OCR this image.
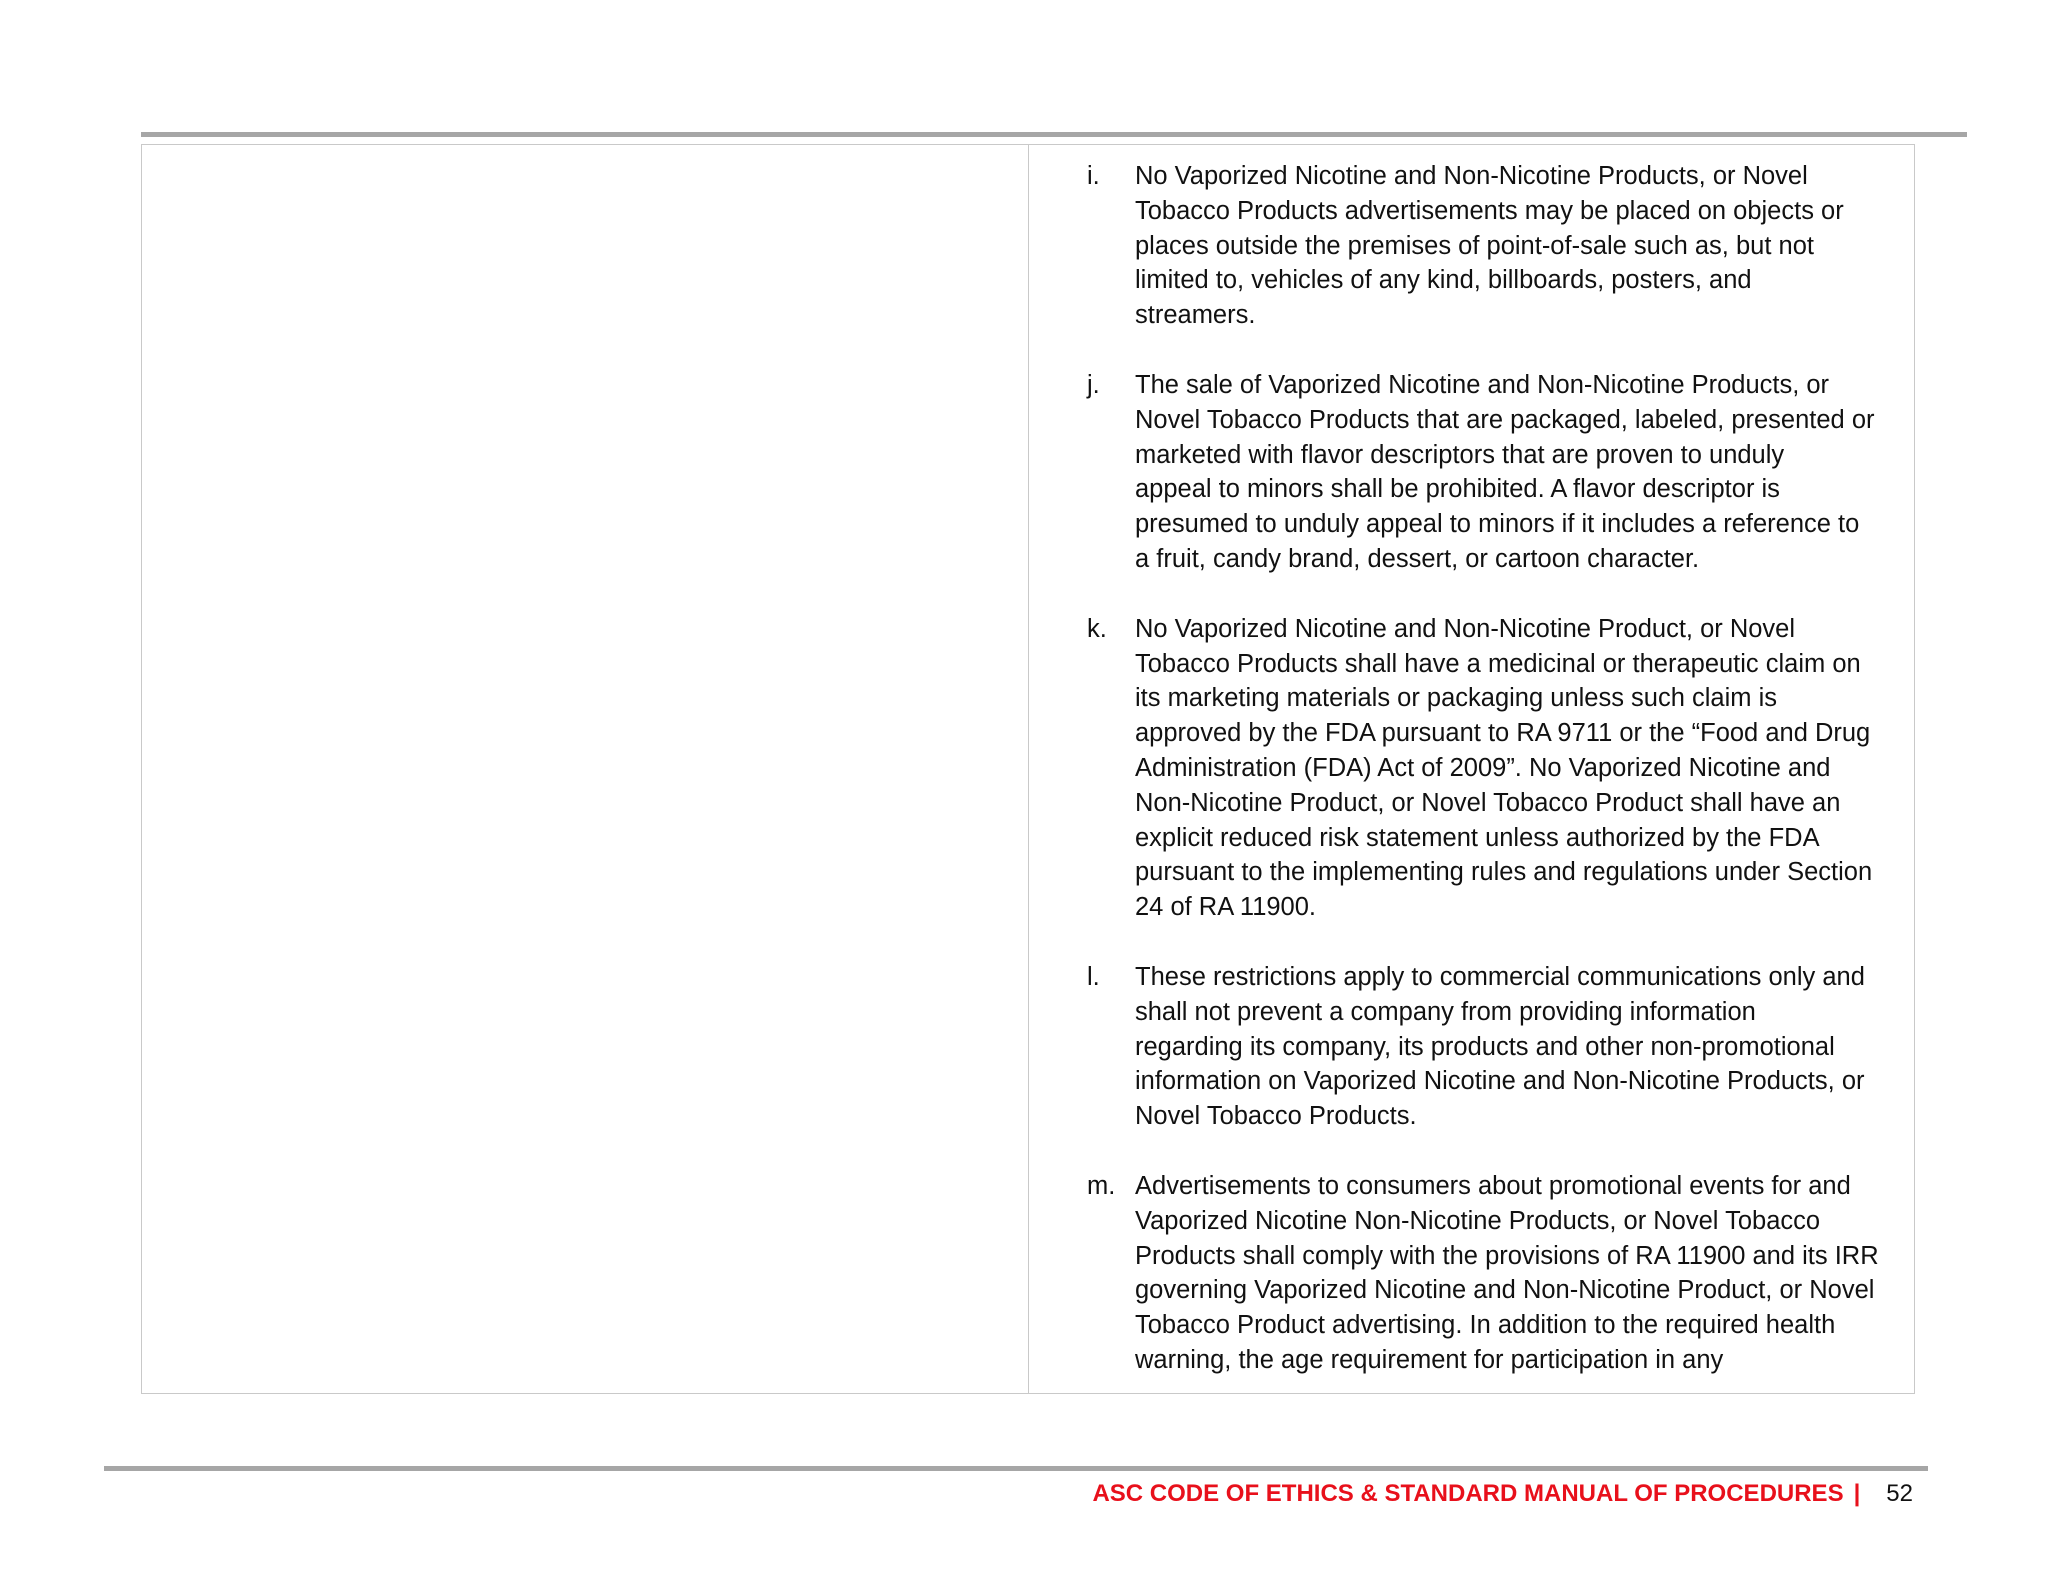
i. No Vaporized Nicotine and Non-Nicotine Products, or Novel
Tobacco Products advertisements may be placed on objects or
places outside the premises of point-of-sale such as, but not
limited to, vehicles of any kind, billboards, posters, and
streamers.
j. The sale of Vaporized Nicotine and Non-Nicotine Products, or
Novel Tobacco Products that are packaged, labeled, presented or
marketed with flavor descriptors that are proven to unduly
appeal to minors shall be prohibited. A flavor descriptor is
presumed to unduly appeal to minors if it includes a reference to
a fruit, candy brand, dessert, or cartoon character.
k. No Vaporized Nicotine and Non-Nicotine Product, or Novel
Tobacco Products shall have a medicinal or therapeutic claim on
its marketing materials or packaging unless such claim is
approved by the FDA pursuant to RA 9711 or the “Food and Drug
Administration (FDA) Act of 2009”. No Vaporized Nicotine and
Non-Nicotine Product, or Novel Tobacco Product shall have an
explicit reduced risk statement unless authorized by the FDA
pursuant to the implementing rules and regulations under Section
24 of RA 11900.
l. These restrictions apply to commercial communications only and
shall not prevent a company from providing information
regarding its company, its products and other non-promotional
information on Vaporized Nicotine and Non-Nicotine Products, or
Novel Tobacco Products.
m. Advertisements to consumers about promotional events for and
Vaporized Nicotine Non-Nicotine Products, or Novel Tobacco
Products shall comply with the provisions of RA 11900 and its IRR
governing Vaporized Nicotine and Non-Nicotine Product, or Novel
Tobacco Product advertising. In addition to the required health
warning, the age requirement for participation in any
ASC CODE OF ETHICS & STANDARD MANUAL OF PROCEDURES | 52
